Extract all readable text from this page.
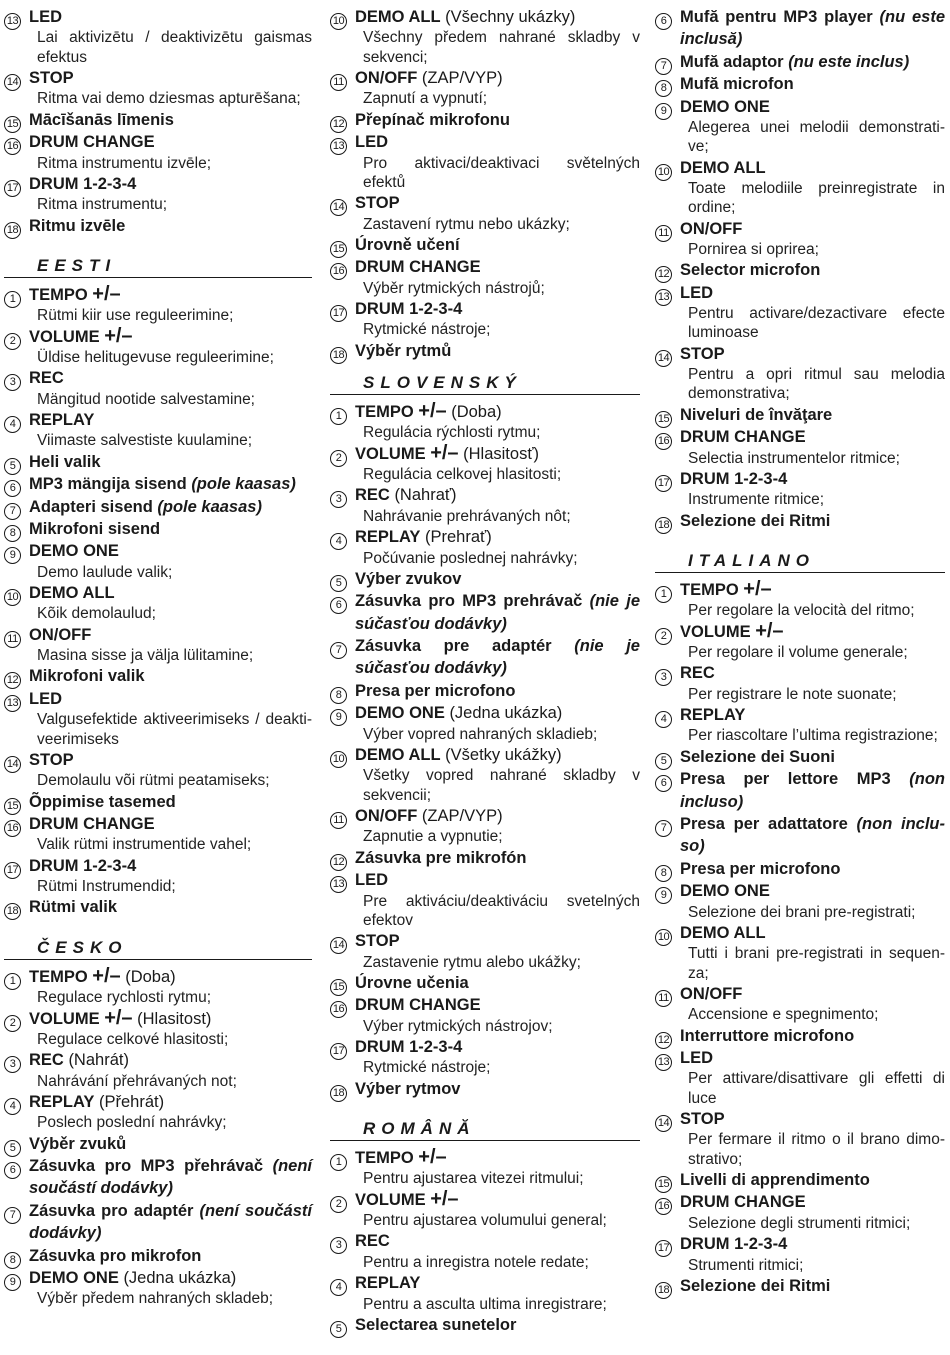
13 LED
Lai aktivizētu / deaktivizētu gaismas efektus
14 STOP
Ritma vai demo dziesmas apturēšana;
15 Mācīšanās līmenis
16 DRUM CHANGE
Ritma instrumentu izvēle;
17 DRUM 1-2-3-4
Ritma instrumentu;
18 Ritmu izvēle
EESTI
1 TEMPO +/–
Rütmi kiir use reguleerimine;
2 VOLUME +/–
Üldise helitugevuse reguleerimine;
3 REC
Mängitud nootide salvestamine;
4 REPLAY
Viimaste salvestiste kuulamine;
5 Heli valik
6 MP3 mängija sisend (pole kaasas)
7 Adapteri sisend (pole kaasas)
8 Mikrofoni sisend
9 DEMO ONE
Demo laulude valik;
10 DEMO ALL
Kõik demolaulud;
11 ON/OFF
Masina sisse ja välja lülitamine;
12 Mikrofoni valik
13 LED
Valgusefektide aktiveerimiseks / deakti-veerimiseks
14 STOP
Demolaulu või rütmi peatamiseks;
15 Õppimise tasemed
16 DRUM CHANGE
Valik rütmi instrumentide vahel;
17 DRUM 1-2-3-4
Rütmi Instrumendid;
18 Rütmi valik
ČESKO
1 TEMPO +/– (Doba)
Regulace rychlosti rytmu;
2 VOLUME +/– (Hlasitost)
Regulace celkové hlasitosti;
3 REC (Nahrát)
Nahrávání přehrávaných not;
4 REPLAY (Přehrát)
Poslech poslední nahrávky;
5 Výběr zvuků
6 Zásuvka pro MP3 přehrávač (není součástí dodávky)
7 Zásuvka pro adaptér (není součástí dodávky)
8 Zásuvka pro mikrofon
9 DEMO ONE (Jedna ukázka)
Výběr předem nahraných skladeb;
10 DEMO ALL (Všechny ukázky)
Všechny předem nahrané skladby v sekvenci;
11 ON/OFF (ZAP/VYP)
Zapnutí a vypnutí;
12 Přepínač mikrofonu
13 LED
Pro aktivaci/deaktivaci světelných efektů
14 STOP
Zastavení rytmu nebo ukázky;
15 Úrovně učení
16 DRUM CHANGE
Výběr rytmických nástrojů;
17 DRUM 1-2-3-4
Rytmické nástroje;
18 Výběr rytmů
SLOVENSKÝ
1 TEMPO +/– (Doba)
Regulácia rýchlosti rytmu;
2 VOLUME +/– (Hlasitosť)
Regulácia celkovej hlasitosti;
3 REC (Nahrať)
Nahrávanie prehrávaných nôt;
4 REPLAY (Prehrať)
Počúvanie poslednej nahrávky;
5 Výber zvukov
6 Zásuvka pro MP3 prehrávač (nie je súčasťou dodávky)
7 Zásuvka pre adaptér (nie je súčasťou dodávky)
8 Presa per microfono
9 DEMO ONE (Jedna ukázka)
Výber vopred nahraných skladieb;
10 DEMO ALL (Všetky ukážky)
Všetky vopred nahrané skladby v sekvencii;
11 ON/OFF (ZAP/VYP)
Zapnutie a vypnutie;
12 Zásuvka pre mikrofón
13 LED
Pre aktiváciu/deaktiváciu svetelných efektov
14 STOP
Zastavenie rytmu alebo ukážky;
15 Úrovne učenia
16 DRUM CHANGE
Výber rytmických nástrojov;
17 DRUM 1-2-3-4
Rytmické nástroje;
18 Výber rytmov
ROMÂNĂ
1 TEMPO +/–
Pentru ajustarea vitezei ritmului;
2 VOLUME +/–
Pentru ajustarea volumului general;
3 REC
Pentru a inregistra notele redate;
4 REPLAY
Pentru a asculta ultima inregistrare;
5 Selectarea sunetelor
6 Mufă pentru MP3 player (nu este inclusă)
7 Mufă adaptor (nu este inclus)
8 Mufă microfon
9 DEMO ONE
Alegerea unei melodii demonstrati-ve;
10 DEMO ALL
Toate melodiile preinregistrate in ordine;
11 ON/OFF
Pornirea si oprirea;
12 Selector microfon
13 LED
Pentru activare/dezactivare efecte luminoase
14 STOP
Pentru a opri ritmul sau melodia demonstrativa;
15 Niveluri de învăţare
16 DRUM CHANGE
Selectia instrumentelor ritmice;
17 DRUM 1-2-3-4
Instrumente ritmice;
18 Selezione dei Ritmi
ITALIANO
1 TEMPO +/–
Per regolare la velocità del ritmo;
2 VOLUME +/–
Per regolare il volume generale;
3 REC
Per registrare le note suonate;
4 REPLAY
Per riascoltare l’ultima registrazione;
5 Selezione dei Suoni
6 Presa per lettore MP3 (non incluso)
7 Presa per adattatore (non inclu-so)
8 Presa per microfono
9 DEMO ONE
Selezione dei brani pre-registrati;
10 DEMO ALL
Tutti i brani pre-registrati in sequen-za;
11 ON/OFF
Accensione e spegnimento;
12 Interruttore microfono
13 LED
Per attivare/disattivare gli effetti di luce
14 STOP
Per fermare il ritmo o il brano dimo-strativo;
15 Livelli di apprendimento
16 DRUM CHANGE
Selezione degli strumenti ritmici;
17 DRUM 1-2-3-4
Strumenti ritmici;
18 Selezione dei Ritmi
